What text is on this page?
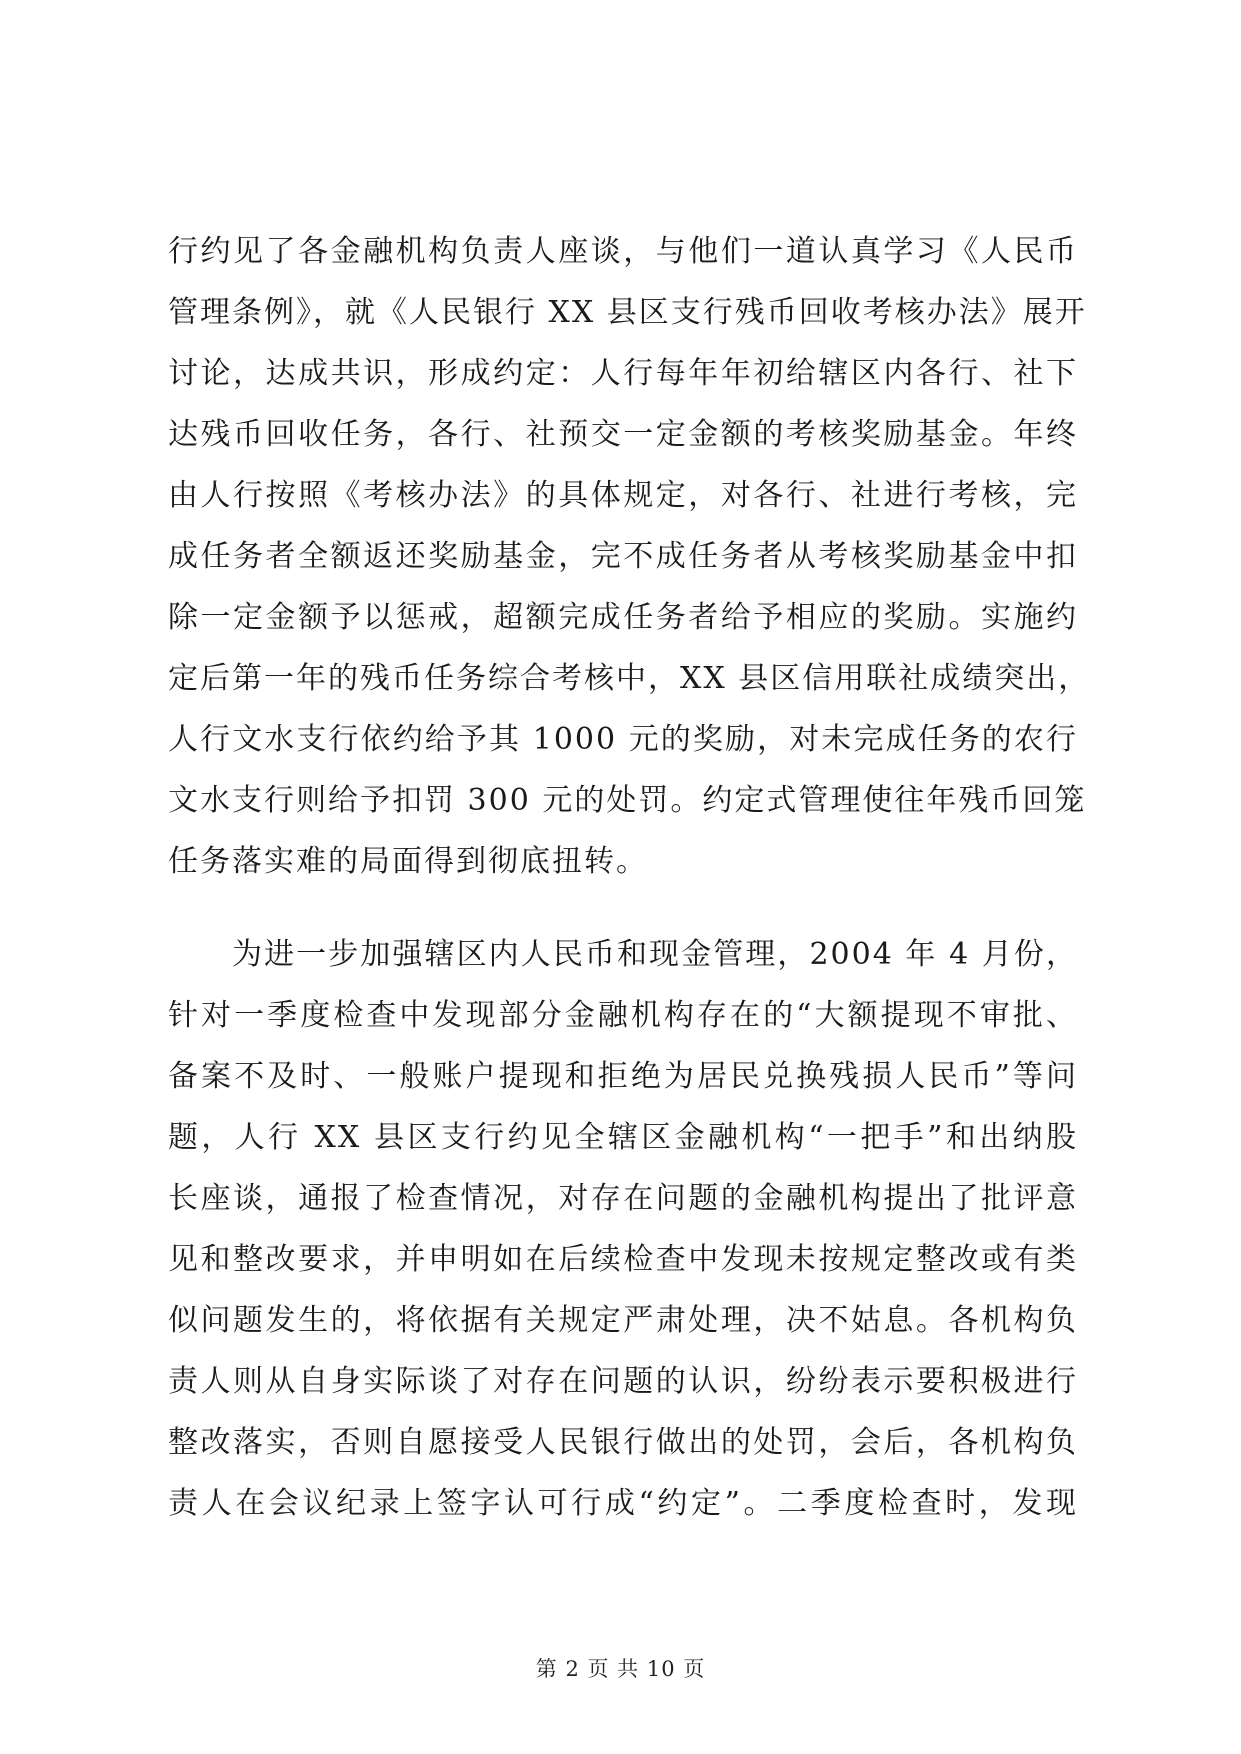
行约见了各金融机构负责人座谈，与他们一道认真学习《人民币
管理条例》，就《人民银行 XX 县区支行残币回收考核办法》展开
讨论，达成共识，形成约定：人行每年年初给辖区内各行、社下
达残币回收任务，各行、社预交一定金额的考核奖励基金。年终
由人行按照《考核办法》的具体规定，对各行、社进行考核，完
成任务者全额返还奖励基金，完不成任务者从考核奖励基金中扣
除一定金额予以惩戒，超额完成任务者给予相应的奖励。实施约
定后第一年的残币任务综合考核中，XX 县区信用联社成绩突出，
人行文水支行依约给予其 1000 元的奖励，对未完成任务的农行
文水支行则给予扣罚 300 元的处罚。约定式管理使往年残币回笼
任务落实难的局面得到彻底扭转。
为进一步加强辖区内人民币和现金管理，2004 年 4 月份，
针对一季度检查中发现部分金融机构存在的“大额提现不审批、
备案不及时、一般账户提现和拒绝为居民兑换残损人民币”等问
题，人行 XX 县区支行约见全辖区金融机构“一把手”和出纳股
长座谈，通报了检查情况，对存在问题的金融机构提出了批评意
见和整改要求，并申明如在后续检查中发现未按规定整改或有类
似问题发生的，将依据有关规定严肃处理，决不姑息。各机构负
责人则从自身实际谈了对存在问题的认识，纷纷表示要积极进行
整改落实，否则自愿接受人民银行做出的处罚，会后，各机构负
责人在会议纪录上签字认可行成“约定”。二季度检查时，发现
第 2 页 共 10 页
